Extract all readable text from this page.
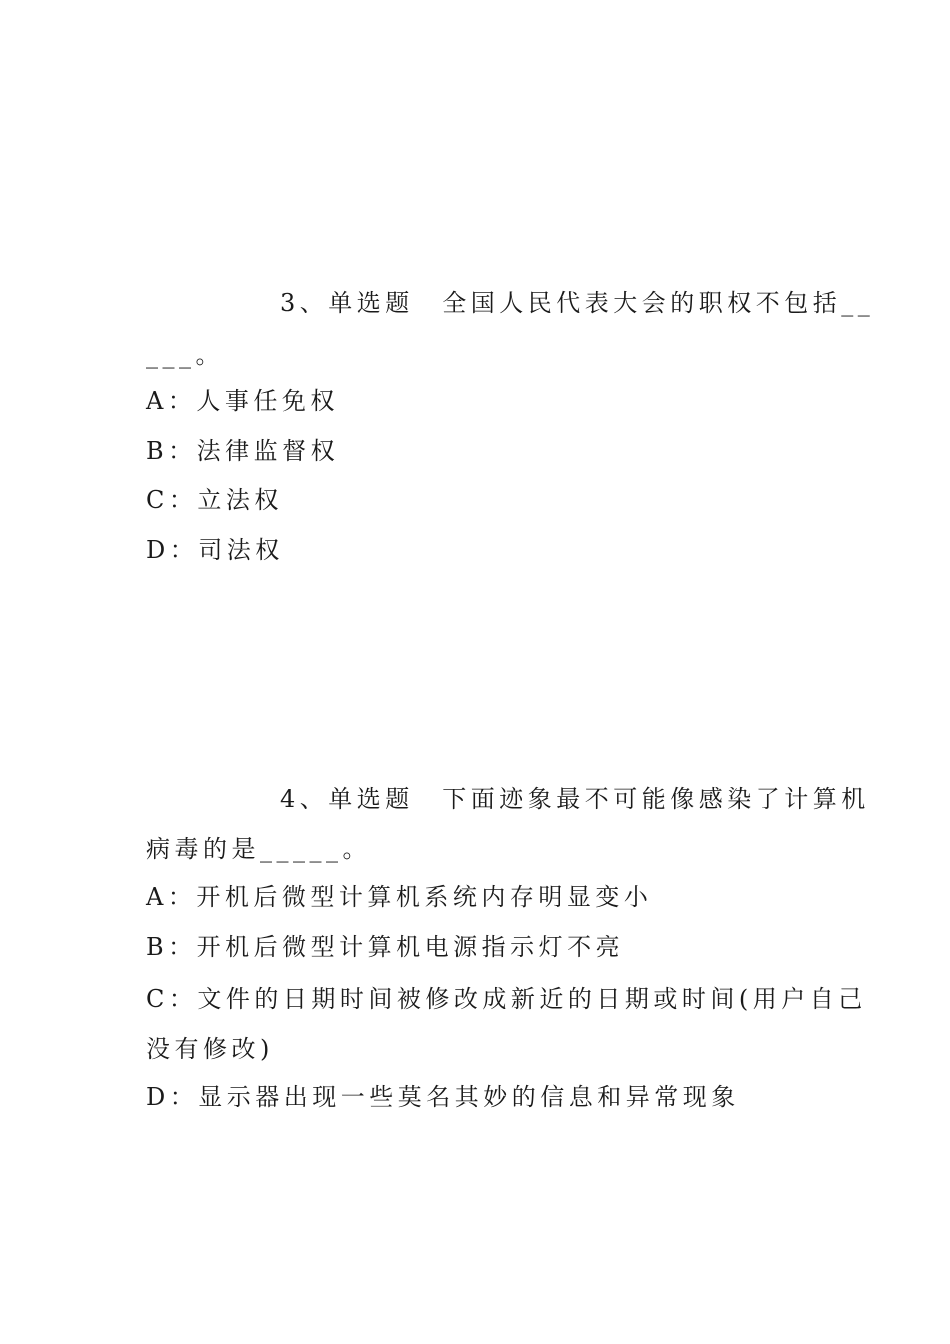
3、单选题　全国人民代表大会的职权不包括__
___。
A：人事任免权
B：法律监督权
C：立法权
D：司法权
4、单选题　下面迹象最不可能像感染了计算机
病毒的是_____。
A：开机后微型计算机系统内存明显变小
B：开机后微型计算机电源指示灯不亮
C：文件的日期时间被修改成新近的日期或时间(用户自己
没有修改)
D：显示器出现一些莫名其妙的信息和异常现象
